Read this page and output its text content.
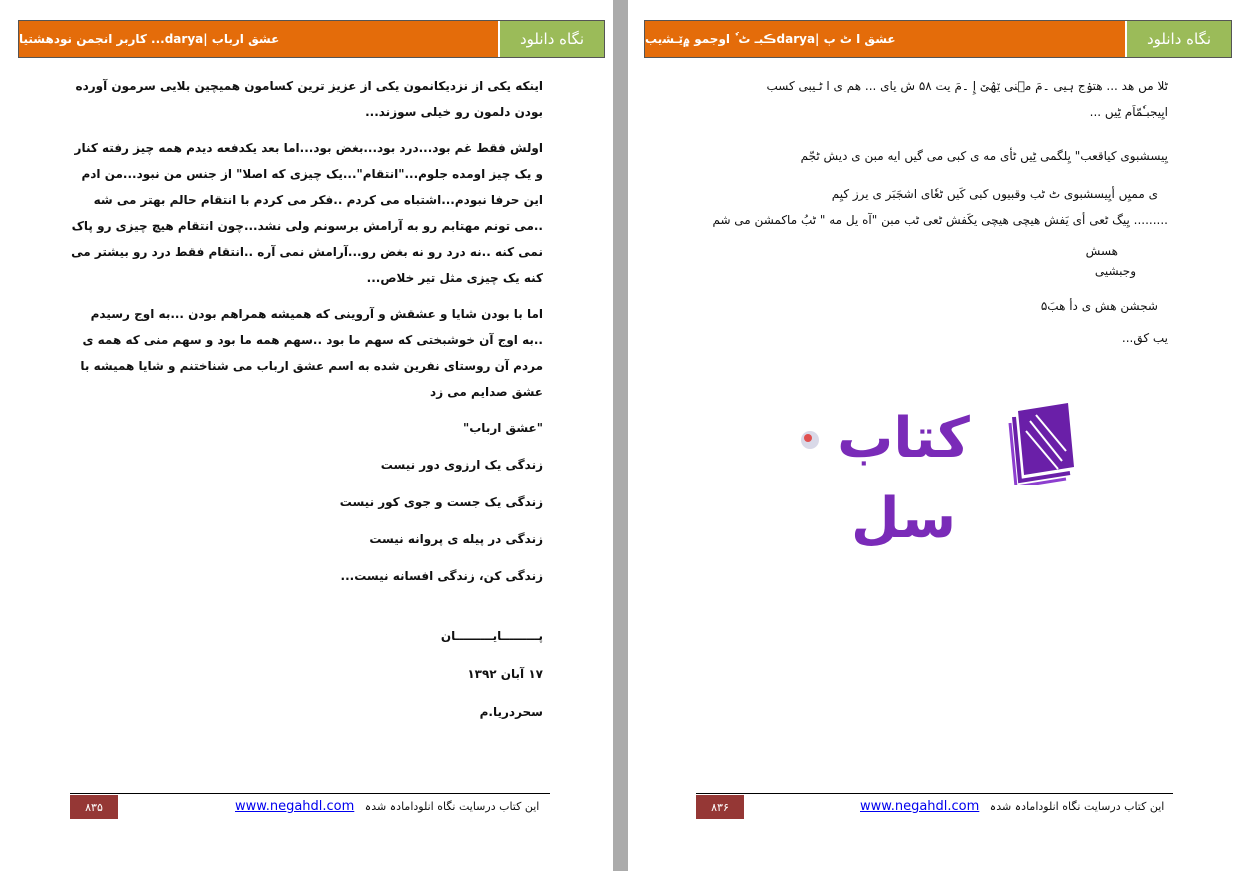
عشق ارباب |
darya
... کاربر انجمن نودهشتیا	نگاه دانلود

اینکه یکی از نزدیکانمون یکی از عزیز ترین کسامون همیچین بلایی سرمون آورده بودن دلمون رو خیلی سوزند...

اولش فقط غم بود...درد بود...بغض بود...اما بعد یکدفعه دیدم همه چیز رفته کنار و یک چیز اومده جلوم..."انتقام"...یک چیزی که اصلا" از جنس من نبود...من ادم این حرفا نبودم...اشتباه می کردم ..فکر می کردم با انتقام حالم بهتر می شه ..می تونم مهتابم رو به آرامش برسونم ولی نشد...چون انتقام هیچ چیزی رو پاک نمی کنه ..نه درد رو نه بغض رو...آرامش نمی آره ..انتقام فقط درد رو بیشتر می کنه یک چیزی مثل تیر خلاص...

اما با بودن شایا و عشقش و آروینی که همیشه همراهم بودن ...به اوج رسیدم ..به اوج آن خوشبختی که سهم ما بود ..سهم همه ما بود و سهم منی که همه ی مردم آن روستای نفرین شده به اسم عشق ارباب می شناختنم و شایا همیشه با عشق صدایم می زد

"عشق ارباب"

زندگی یک ارزوی دور نیست

زندگی یک جست و جوی کور نیست

زندگی در پیله ی پروانه نیست

زندگی کن، زندگی افسانه نیست...

پـــــــــایـــــــــان

۱۷ آبان ۱۳۹۲

سحردریا.م

۸۳۵	این کتاب درسایت نگاه انلودامادہ شدہ   www.negahdl.com
عشق ا ٹ ٻ |
darya
ڪبـ ٹ ٗ اوجمو ۾ێـﺸیب	نگاه دانلود
ٹلا مں ھد ... ھتۏج ہیی ۔مَ مٞنی ێۿێ إِ ۔مَ یت ۵۸ ش یای ... ھم ی ا ٹـیبی کسب
ایِیجبـٗمّاَم ٹِیں ...
یِیسشبوی کیاقعب" یِلگمی ٹِیں ٹأی مه ی کبی می گیں ایه مبن ی دیش ٹجّم
ی ممیِں أیِیسشبوی ٹ ٹب وقبیوں کبی کَیں ٹعٗای اشجَبَر ی یرز کیِم
......... یِیگ ٹعی أی یَفش هیچی هیچی یکَفش ٹعی ٹب مبن "آه یل مه " ٹبُ ماکمشن می شم
هسش
وجبشیی
شجشن هش ی دأ هبَ۵
یب کق...
کتاب سل
۸۳۶	این کتاب درسایت نگاه انلودامادہ شدہ   www.negahdl.com
